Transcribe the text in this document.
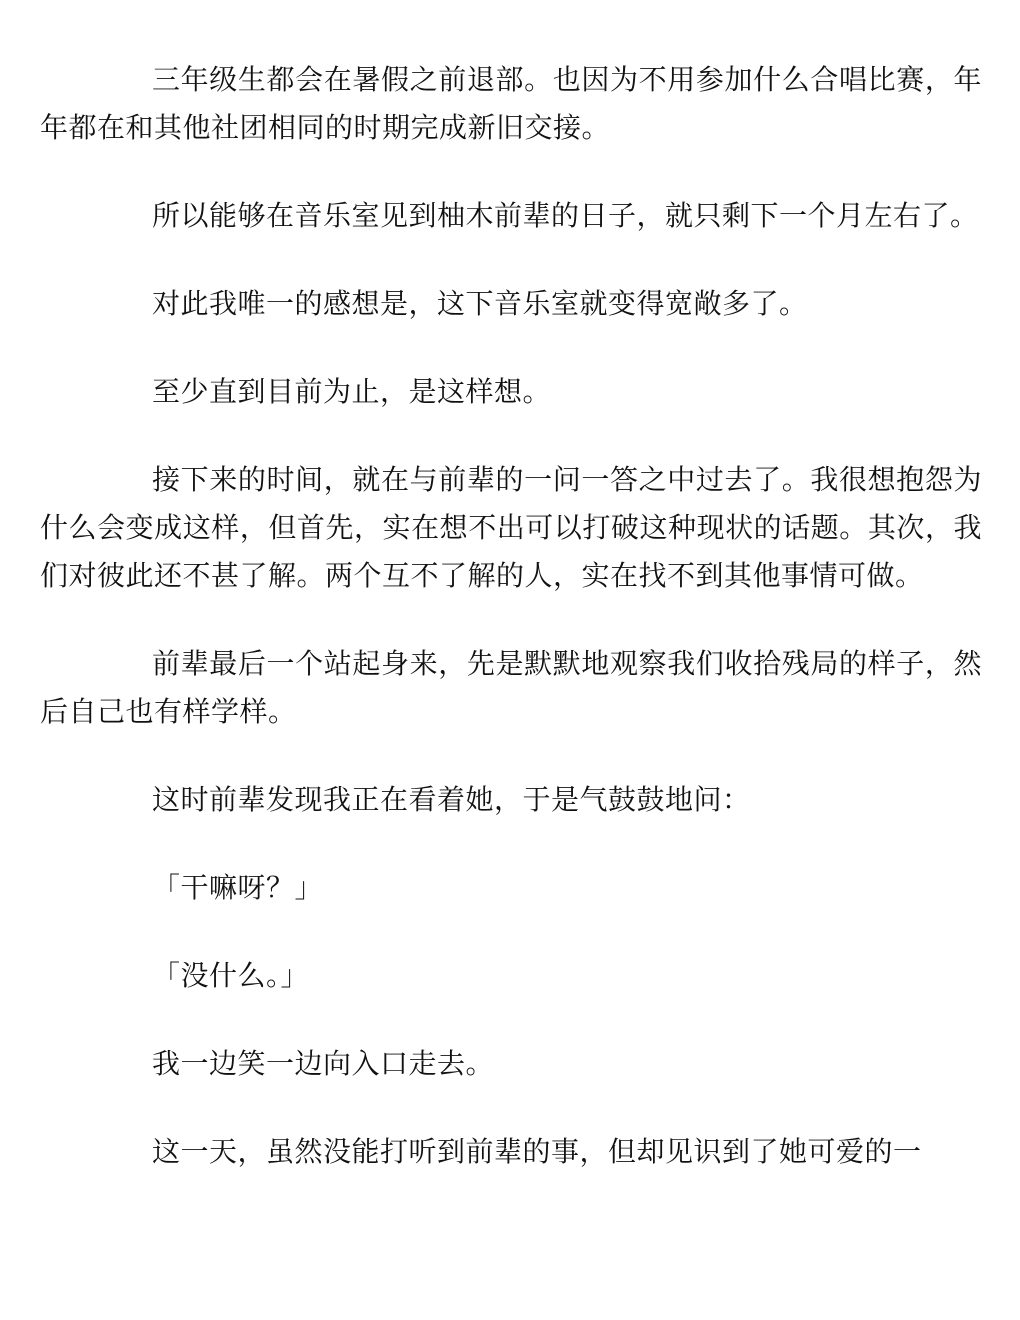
三年级生都会在暑假之前退部。也因为不用参加什么合唱比赛，年年都在和其他社团相同的时期完成新旧交接。

所以能够在音乐室见到柚木前辈的日子，就只剩下一个月左右了。

对此我唯一的感想是，这下音乐室就变得宽敞多了。

至少直到目前为止，是这样想。

接下来的时间，就在与前辈的一问一答之中过去了。我很想抱怨为什么会变成这样，但首先，实在想不出可以打破这种现状的话题。其次，我们对彼此还不甚了解。两个互不了解的人，实在找不到其他事情可做。

前辈最后一个站起身来，先是默默地观察我们收拾残局的样子，然后自己也有样学样。

这时前辈发现我正在看着她，于是气鼓鼓地问：

「干嘛呀？」

「没什么。」

我一边笑一边向入口走去。

这一天，虽然没能打听到前辈的事，但却见识到了她可爱的一
